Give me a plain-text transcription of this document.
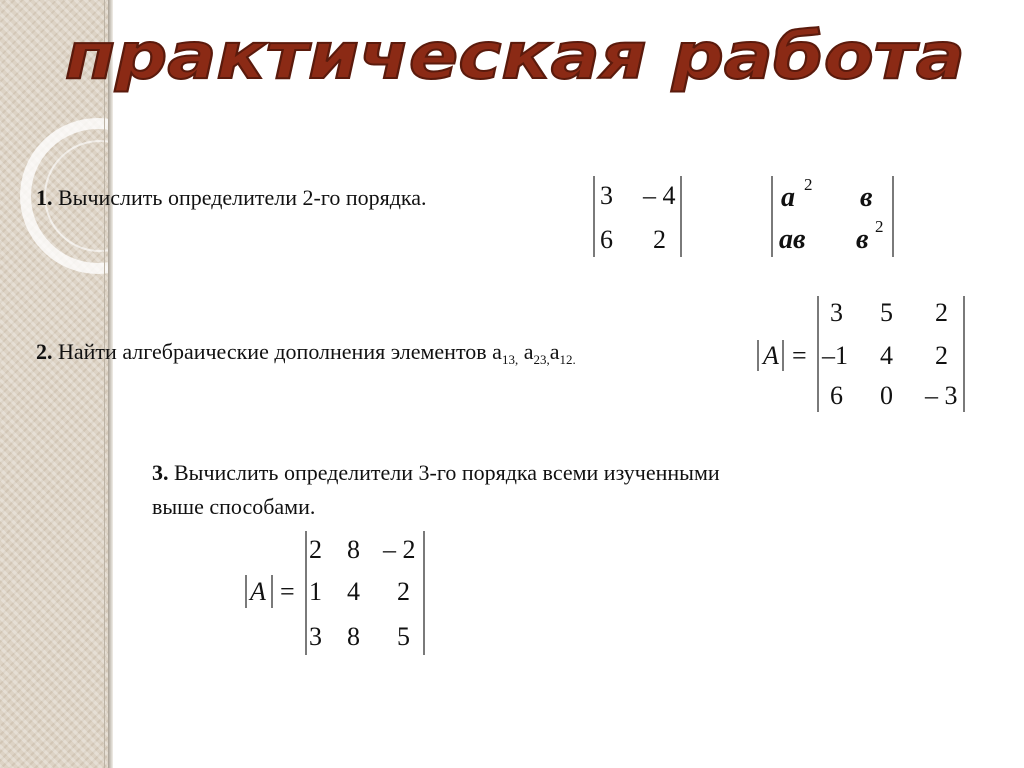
практическая работа
1. Вычислить определители 2-го порядка.
2. Найти алгебраические дополнения элементов $а_{13,}$ $а_{23,}а_{12.}$
3. Вычислить определители 3-го порядка всеми изученными
выше способами.
3 – 4
6 2
a 2 в
ав в 2
A =
3 5 2
–1 4 2
6 0 – 3
A =
2 8 – 2
1 4 2
3 8 5
